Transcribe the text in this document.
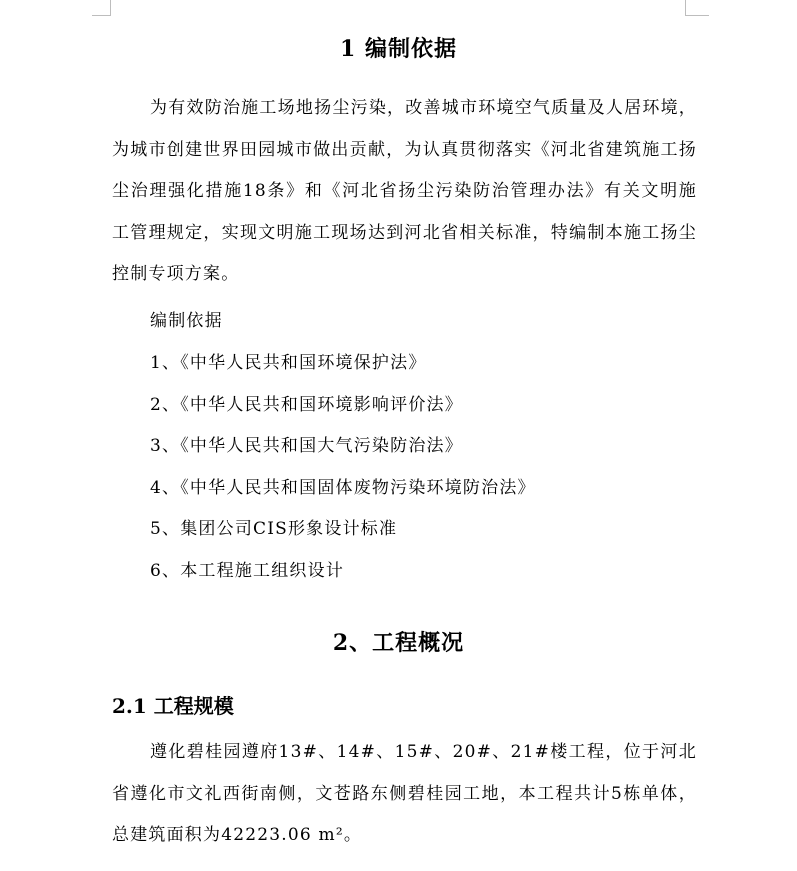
1 编制依据
为有效防治施工场地扬尘污染，改善城市环境空气质量及人居环境，为城市创建世界田园城市做出贡献，为认真贯彻落实《河北省建筑施工扬尘治理强化措施18条》和《河北省扬尘污染防治管理办法》有关文明施工管理规定，实现文明施工现场达到河北省相关标准，特编制本施工扬尘控制专项方案。
编制依据
1、《中华人民共和国环境保护法》
2、《中华人民共和国环境影响评价法》
3、《中华人民共和国大气污染防治法》
4、《中华人民共和国固体废物污染环境防治法》
5、集团公司CIS形象设计标准
6、本工程施工组织设计
2、工程概况
2.1 工程规模
遵化碧桂园遵府13#、14#、15#、20#、21#楼工程，位于河北省遵化市文礼西街南侧，文苍路东侧碧桂园工地，本工程共计5栋单体，总建筑面积为42223.06 m²。
